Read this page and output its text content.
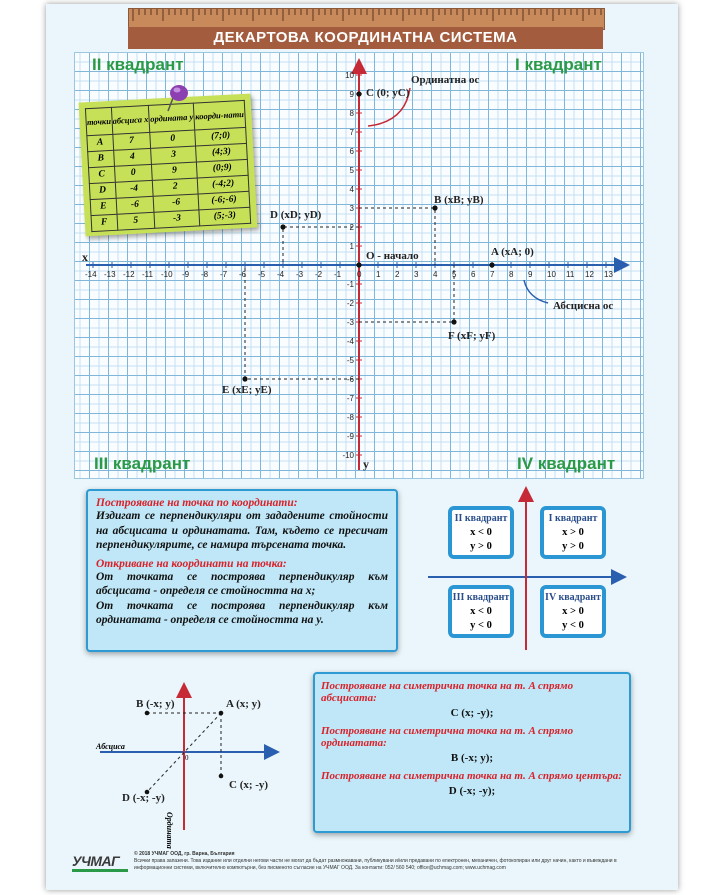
ДЕКАРТОВА КООРДИНАТНА СИСТЕМА
II квадрант	I квадрант
III квадрант	IV квадрант
-14 -13 -12 -11 -10 -9 -8 -7 -6 -5 -4 -3 -2 -1 0 1 2 3 4 5 6 7 8 9 10 11 12 13
10
9
8
7
6
5
4
3
2
1
-1
-2
-3
-4
-5
-6
-7
-8
-9
-10
x
y
O - начало
Ординатна ос
Абсцисна ос
A (xA; 0)
B (xB; yB)
C (0; yC)
D (xD; yD)
E (xE; yE)
F (xF; yF)
точки	абсциса x	ордината y	коорди-нати
A	7	0	(7;0)
B	4	3	(4;3)
C	0	9	(0;9)
D	-4	2	(-4;2)
E	-6	-6	(-6;-6)
F	5	-3	(5;-3)
Построяване на точка по координати:
Издигат се перпендикуляри от зададените стойности на абсцисата и ординатата. Там, където се пресичат перпендикулярите, се намира търсената точка.
Откриване на координати на точка:
От точката се построява перпендикуляр към абсцисата - определя се стойността на x;
От точката се построява перпендикуляр към ординатата - определя се стойността на y.
II квадрант
x < 0
y > 0
I квадрант
x > 0
y > 0
III квадрант
x < 0
y < 0
IV квадрант
x > 0
y < 0
B (-x; y)	A (x; y)
C (x; -y)
D (-x; -y)
Абсциса
Ордината
0
Построяване на симетрична точка на т. A спрямо абсцисата:
C (x; -y);
Построяване на симетрична точка на т. A спрямо ординатата:
B (-x; y);
Построяване на симетрична точка на т. A спрямо центъра:
D (-x; -y);
УЧМАГ	© 2018 УЧМАГ ООД, гр. Варна, България
Всички права запазени. Това издание или отделни негови части не могат да бъдат размножавани, публикувани и/или предавани по електронен, механичен, фотокопиран или друг начин, както и въвеждани в информационни системи, включително компютърни, без писменото съгласие на УЧМАГ ООД. За контакти: 052/ 560 540; office@uchmag.com; www.uchmag.com
